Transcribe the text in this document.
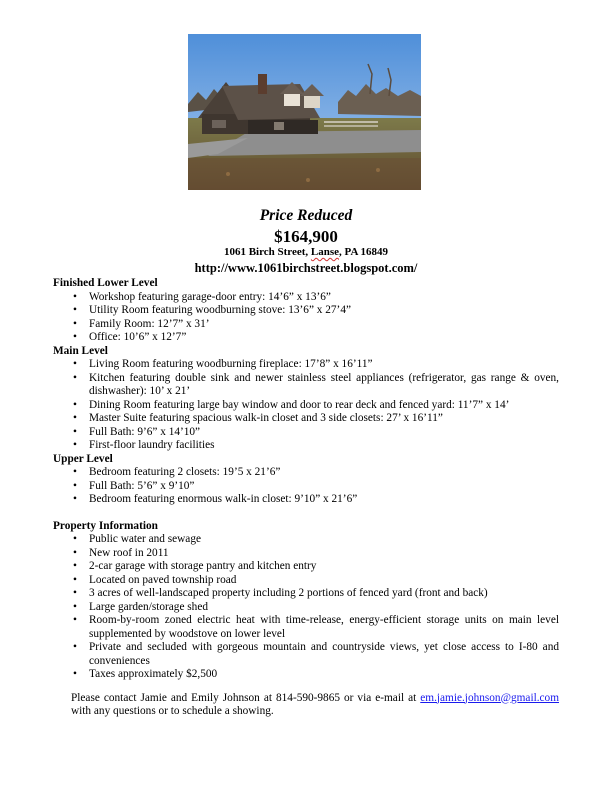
Price Reduced
$164,900
1061 Birch Street, Lanse, PA 16849
http://www.1061birchstreet.blogspot.com/
Finished Lower Level
• Workshop featuring garage-door entry: 14’6” x 13’6”
• Utility Room featuring woodburning stove: 13’6” x 27’4”
• Family Room: 12’7” x 31’
• Office: 10’6” x 12’7”
Main Level
• Living Room featuring woodburning fireplace: 17’8” x 16’11”
• Kitchen featuring double sink and newer stainless steel appliances (refrigerator, gas range & oven, dishwasher): 10’ x 21’
• Dining Room featuring large bay window and door to rear deck and fenced yard: 11’7” x 14’
• Master Suite featuring spacious walk-in closet and 3 side closets: 27’ x 16’11”
• Full Bath: 9’6” x 14’10”
• First-floor laundry facilities
Upper Level
• Bedroom featuring 2 closets: 19’5 x 21’6”
• Full Bath: 5’6” x 9’10”
• Bedroom featuring enormous walk-in closet: 9’10” x 21’6”
Property Information
• Public water and sewage
• New roof in 2011
• 2-car garage with storage pantry and kitchen entry
• Located on paved township road
• 3 acres of well-landscaped property including 2 portions of fenced yard (front and back)
• Large garden/storage shed
• Room-by-room zoned electric heat with time-release, energy-efficient storage units on main level supplemented by woodstove on lower level
• Private and secluded with gorgeous mountain and countryside views, yet close access to I-80 and conveniences
• Taxes approximately $2,500
Please contact Jamie and Emily Johnson at 814-590-9865 or via e-mail at em.jamie.johnson@gmail.com with any questions or to schedule a showing.
